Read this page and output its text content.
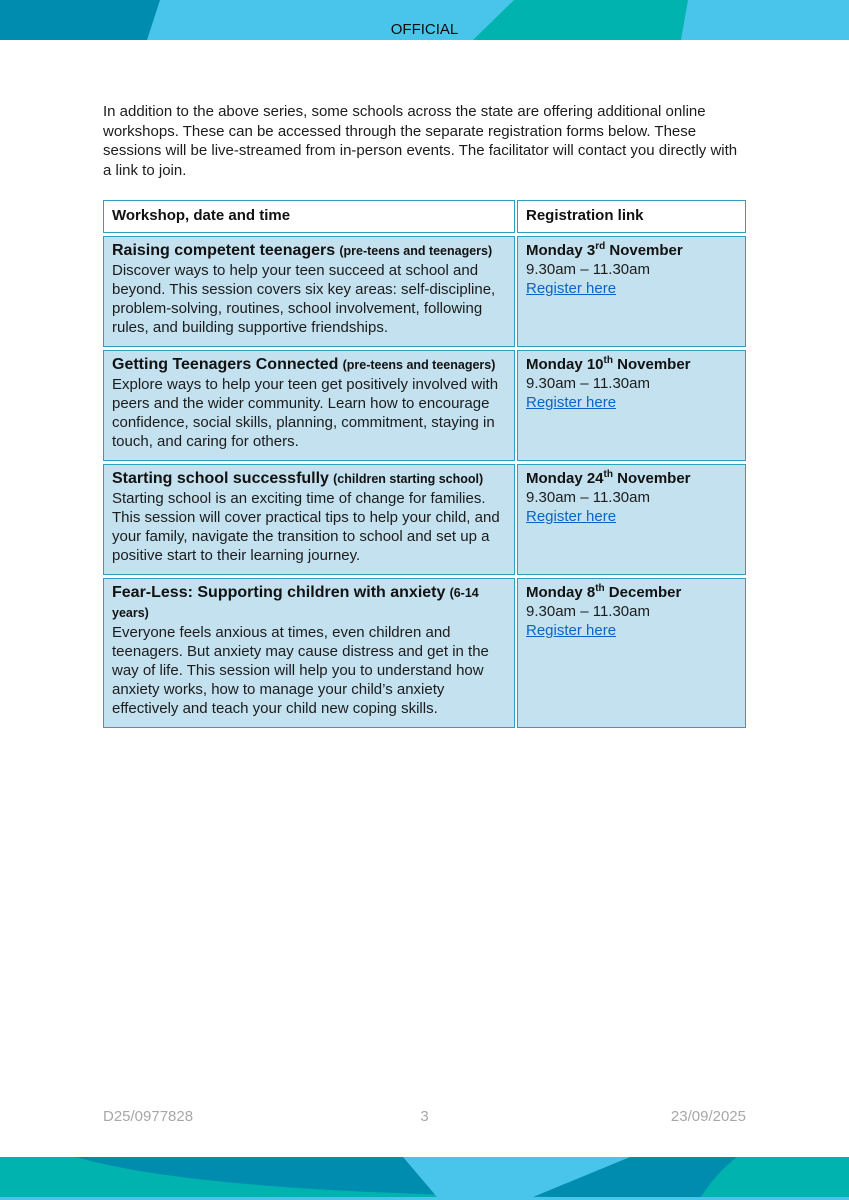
OFFICIAL

In addition to the above series, some schools across the state are offering additional online workshops. These can be accessed through the separate registration forms below. These sessions will be live-streamed from in-person events. The facilitator will contact you directly with a link to join.

Workshop, date and time	Registration link
Raising competent teenagers (pre-teens and teenagers)
Discover ways to help your teen succeed at school and beyond. This session covers six key areas: self-discipline, problem-solving, routines, school involvement, following rules, and building supportive friendships.
	Monday 3rd November
9.30am – 11.30am
Register here
Getting Teenagers Connected (pre-teens and teenagers)
Explore ways to help your teen get positively involved with peers and the wider community. Learn how to encourage confidence, social skills, planning, commitment, staying in touch, and caring for others.
	Monday 10th November
9.30am – 11.30am
Register here
Starting school successfully (children starting school)
Starting school is an exciting time of change for families. This session will cover practical tips to help your child, and your family, navigate the transition to school and set up a positive start to their learning journey.
	Monday 24th November
9.30am – 11.30am
Register here
Fear-Less: Supporting children with anxiety (6-14 years)
Everyone feels anxious at times, even children and teenagers. But anxiety may cause distress and get in the way of life. This session will help you to understand how anxiety works, how to manage your child’s anxiety effectively and teach your child new coping skills.
	Monday 8th December
9.30am – 11.30am
Register here
D25/0977828	3	23/09/2025
